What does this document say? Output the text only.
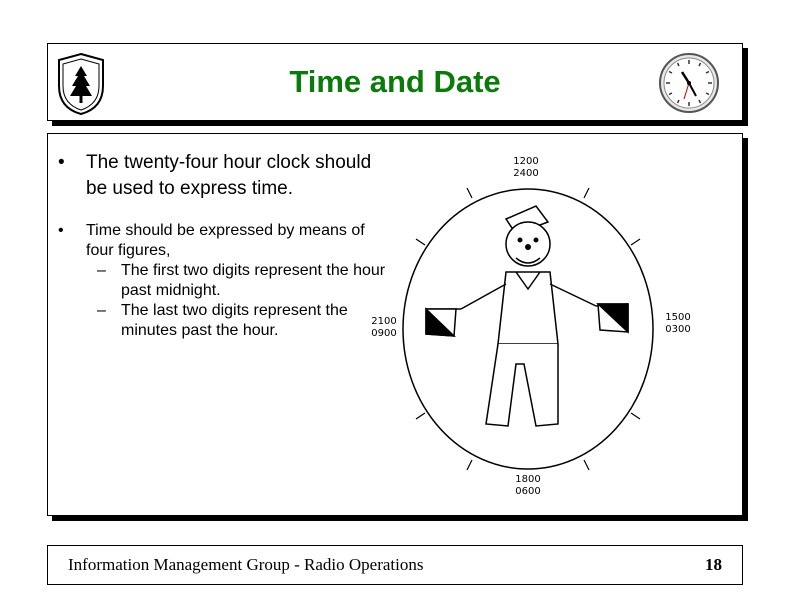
Time and Date
• The twenty-four hour clock should be used to express time.
• Time should be expressed by means of four figures,
– The first two digits represent the hour past midnight.
– The last two digits represent the minutes past the hour.
1200
2400
2100
0900
1500
0300
1800
0600
Information Management Group - Radio Operations	18
